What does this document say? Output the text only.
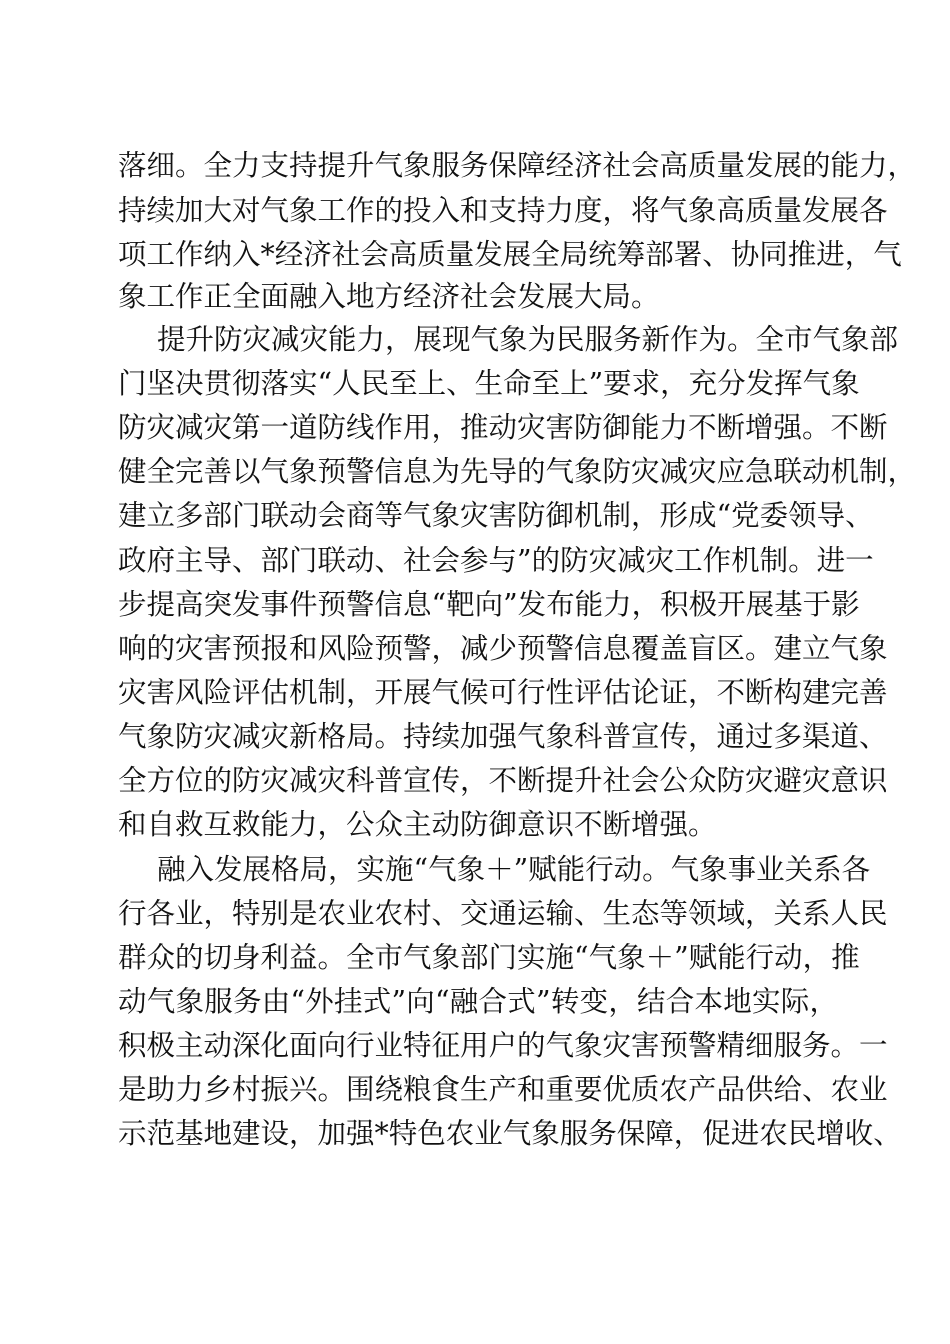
落细。全力支持提升气象服务保障经济社会高质量发展的能力，
持续加大对气象工作的投入和支持力度，将气象高质量发展各
项工作纳入*经济社会高质量发展全局统筹部署、协同推进，气
象工作正全面融入地方经济社会发展大局。
提升防灾减灾能力，展现气象为民服务新作为。全市气象部
门坚决贯彻落实“人民至上、生命至上”要求，充分发挥气象
防灾减灾第一道防线作用，推动灾害防御能力不断增强。不断
健全完善以气象预警信息为先导的气象防灾减灾应急联动机制，
建立多部门联动会商等气象灾害防御机制，形成“党委领导、
政府主导、部门联动、社会参与”的防灾减灾工作机制。进一
步提高突发事件预警信息“靶向”发布能力，积极开展基于影
响的灾害预报和风险预警，减少预警信息覆盖盲区。建立气象
灾害风险评估机制，开展气候可行性评估论证，不断构建完善
气象防灾减灾新格局。持续加强气象科普宣传，通过多渠道、
全方位的防灾减灾科普宣传，不断提升社会公众防灾避灾意识
和自救互救能力，公众主动防御意识不断增强。
融入发展格局，实施“气象＋”赋能行动。气象事业关系各
行各业，特别是农业农村、交通运输、生态等领域，关系人民
群众的切身利益。全市气象部门实施“气象＋”赋能行动，推
动气象服务由“外挂式”向“融合式”转变，结合本地实际，
积极主动深化面向行业特征用户的气象灾害预警精细服务。一
是助力乡村振兴。围绕粮食生产和重要优质农产品供给、农业
示范基地建设，加强*特色农业气象服务保障，促进农民增收、
